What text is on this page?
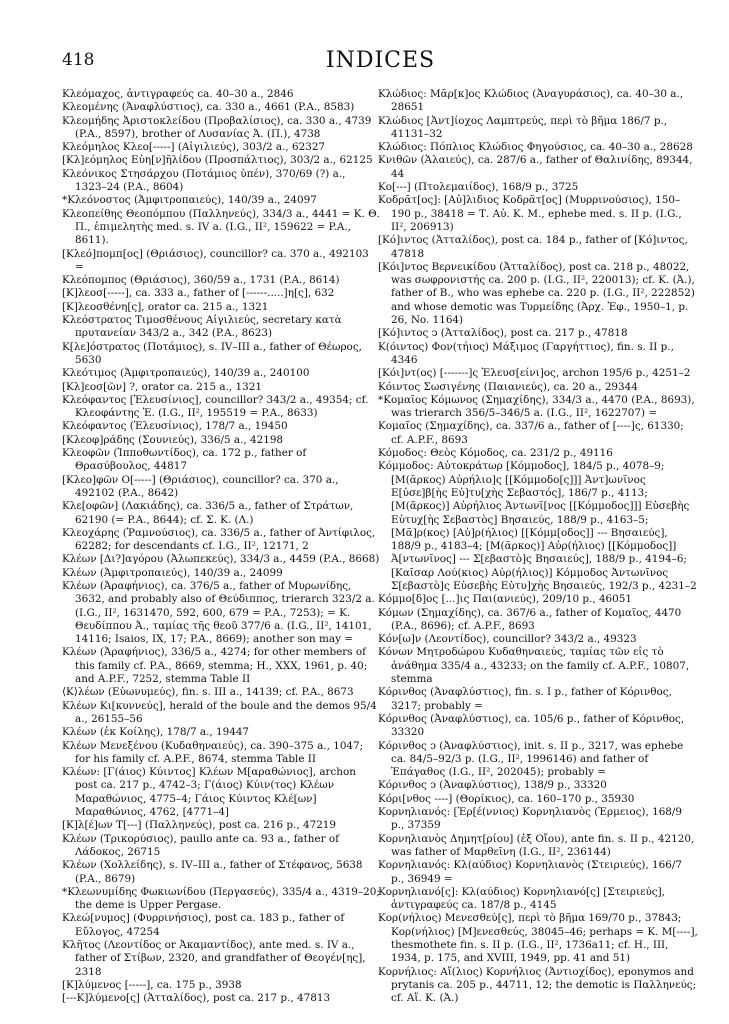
418	INDICES

Κλεόμαχος, ἀντιγραφεύς ca. 40–30 a., 2846

Κλεομένης (Ἀναφλύστιος), ca. 330 a., 4661 (P.A., 8583)

Κλεομήδης Ἀριστοκλείδου (Προβαλίσιος), ca. 330 a., 4739 (P.A., 8597), brother of Λυσανίας Ἀ. (Π.), 4738

Κλεόμηλος Κλεο[-----] (Αἰγιλιεύς), 303/2 a., 62327

[Κλ]εόμηλος Εὐη[ν]ῆλίδου (Προσπάλτιος), 303/2 a., 62125

Κλεόνικος Στησάρχου (Ποτάμιος ὑπέν), 370/69 (?) a., 1323–24 (P.A., 8604)

*Κλεόνοστος (Ἀμφιτροπαιεύς), 140/39 a., 24097

Κλεοπείθης Θεοπόμπου (Παλληνεύς), 334/3 a., 4441 = K. Θ. Π., ἐπιμελητὴς med. s. IV a. (I.G., II², 159622 = P.A., 8611).

[Κλεό]πομπ[ος] (Θριάσιος), councillor? ca. 370 a., 492103 =

Κλεόπομπος (Θριάσιος), 360/59 a., 1731 (P.A., 8614)

[Κ]λεοσ[-----], ca. 333 a., father of [------.....]η[ς], 632

[Κ]λεοσθένη[ς], orator ca. 215 a., 1321

Κλεόστρατος Τιμοσθένους Αἰγιλιεύς, secretary κατὰ πρυτανείαν 343/2 a., 342 (P.A., 8623)

Κ[λε]όστρατος (Ποτάμιος), s. IV–III a., father of Θέωρος, 5630

Κλεότιμος (Ἀμφιτροπαιεύς), 140/39 a., 240100

[Κλ]εοσ[ῶν] ?, orator ca. 215 a., 1321

Κλεόφαντος [Ἐλευσίνιος], councillor? 343/2 a., 49354; cf. Κλεοφάντης Ἐ. (I.G., II², 195519 = P.A., 8633)

Κλεόφαντος (Ἐλευσίνιος), 178/7 a., 19450

[Κλεοφ]ράδης (Σουνιεύς), 336/5 a., 42198

Κλεοφῶν (Ἱπποθωντίδος), ca. 172 p., father of Θρασύβουλος, 44817

[Κλεο]φῶν Ο[-----] (Θριάσιος), councillor? ca. 370 a., 492102 (P.A., 8642)

Κλε[οφῶν] (Λακιάδης), ca. 336/5 a., father of Στράτων, 62190 (= P.A., 8644); cf. Σ. Κ. (Λ.)

Κλεοχάρης (Ῥαμνούσιος), ca. 336/5 a., father of Ἀντίφιλος, 62282; for descendants cf. I.G., II², 12171, 2

Κλέων [Δι?]αγόρου (Ἀλωπεκεύς), 334/3 a., 4459 (P.A., 8668)

Κλέων (Ἀμφιτροπαιεύς), 140/39 a., 24099

Κλέων (Ἀραφήνιος), ca. 376/5 a., father of Μυρωνίδης, 3632, and probably also of Θεύδιππος, trierarch 323/2 a. (I.G., II², 1631470, 592, 600, 679 = P.A., 7253); = Κ. Θευδίππου Ἀ., ταμίας τῆς θεοῦ 377/6 a. (I.G., II², 14101, 14116; Isaios, IX, 17; P.A., 8669); another son may =

Κλέων (Ἀραφήνιος), 336/5 a., 4274; for other members of this family cf. P.A., 8669, stemma; H., XXX, 1961, p. 40; and A.P.F., 7252, stemma Table II

⟨Κ⟩λέων (Εὐωνυμεύς), fin. s. III a., 14139; cf. P.A., 8673

Κλέων Κι[κυννεύς], herald of the boule and the demos 95/4 a., 26155–56

Κλέων (ἐκ Κοίλης), 178/7 a., 19447

Κλέων Μενεξένου (Κυδαθηναιεύς), ca. 390–375 a., 1047; for his family cf. A.P.F., 8674, stemma Table II

Κλέων: [Γ(άιος) Κύιντος] Κλέων Μ[αραθώνιος], archon post ca. 217 p., 4742–3; Γ(άιος) Κύιν(τος) Κλέων Μαραθώνιος, 4775–4; Γάιος Κύιντος Κλέ[ων] Μαραθώνιος, 4762, [4771–4]

[Κ]λ[έ]ων Τ[---] (Παλληνεύς), post ca. 216 p., 47219

Κλέων (Τρικορύσιος), paullo ante ca. 93 a., father of Λάδοκος, 26715

Κλέων (Χολλείδης), s. IV–III a., father of Στέφανος, 5638 (P.A., 8679)

*Κλεωνυμίδης Φωκιωνίδου (Περγασεύς), 335/4 a., 4319–20; the deme is Upper Pergase.

Κλεώ[νυμος] (Φυρρινήσιος), post ca. 183 p., father of Εὔλογος, 47254

Κλῆτος (Λεοντίδος or Ἀκαμαντίδος), ante med. s. IV a., father of Στίβων, 2320, and grandfather of Θεογέν[ης], 2318

[Κ]λύμενος [-----], ca. 175 p., 3938

[---Κ]λύμενο[ς] (Ἀτταλίδος), post ca. 217 p., 47813

Κλώδιος: Μᾶρ[κ]ος Κλώδιος (Ἀναγυράσιος), ca. 40–30 a., 28651

Κλώδιος [Ἀντ]ίοχος Λαμπτρεύς, περὶ τὸ βῆμα 186/7 p., 41131–32

Κλώδιος: Πόπλιος Κλώδιος Φηγούσιος, ca. 40–30 a., 28628

Κνιθῶν (Ἁλαιεύς), ca. 287/6 a., father of Θαλινίδης, 89344, 44

Κο[---] (Πτολεμαιίδος), 168/9 p., 3725

Κοδρᾶτ[ος]: [Αὐ]λιδιος Κοδρᾶτ[ος] (Μυρρινούσιος), 150–190 p., 38418 = Τ. Αὐ. Κ. Μ., ephebe med. s. II p. (I.G., II², 206913)

[Κό]ιντος (Ἀτταλίδος), post ca. 184 p., father of [Κό]ιντος, 47818

[Κόι]ντος Βερνεικίδου (Ἀτταλίδος), post ca. 218 p., 48022, was σωφρονιστής ca. 200 p. (I.G., II², 220013); cf. Κ. (Ἀ.), father of Β., who was ephebe ca. 220 p. (I.G., II², 222852) and whose demotic was Τυρμείδης (Ἀρχ. Ἐφ., 1950–1, p. 26, No. 1164)

[Κό]ιντος ↄ (Ἀτταλίδος), post ca. 217 p., 47818

Κ(όιντος) Φον(τήιος) Μάξιμος (Γαργήττιος), fin. s. II p., 4346

[Κόι]ντ(ος) [-------]ς Ἐλευσ[είνι]ος, archon 195/6 p., 4251–2

Κόιντος Σωσιγένης (Παιανιεύς), ca. 20 a., 29344

*Κομαῖος Κόμωνος (Σημαχίδης), 334/3 a., 4470 (P.A., 8693), was trierarch 356/5–346/5 a. (I.G., II², 1622707) =

Κομαῖος (Σημαχίδης), ca. 337/6 a., father of [----]ς, 61330; cf. A.P.F., 8693

Κόμοδος: Θεὸς Κόμοδος, ca. 231/2 p., 49116

Κόμμοδος: Αὐτοκράτωρ [Κόμμοδος], 184/5 p., 4078–9; [Μ(ᾶρκος) Αὐρήλιο]ς [[Κόμμοδο[ς]]] Ἀντ]ωνῖνος Ε[ὐσε]β[ὴς Εὐ]τυ[χὴς Σεβαστός], 186/7 p., 4113; [Μ(ᾶρκος)] Αὐρήλιος Ἀντωνῖ[νος [[Κόμμοδος]]] Εὐσεβὴς Εὐτυχ[ὴς Σεβαστὸς] Βησαιεύς, 188/9 p., 4163–5; [Μᾶ]ρ(κος) [Αὐ]ρ(ήλιος) [[Κόμμ[οδος]] --- Βησαιεύς], 188/9 p., 4183–4; [Μ(ᾶρκος)] Αὐρ(ήλιος) [[Κόμμοδος]] Ἀ[ντωνῖνος] --- Σ[εβαστὸ]ς Βησαιεύς], 188/9 p., 4194–6; [Καῖσαρ Λού(κιος) Αὐρ(ήλιος)] Κόμμοδος Ἀντωνῖνος Σ[εβαστὸ]ς Εὐσεβὴς Εὐτυ]χὴς Βησαιεύς, 192/3 p., 4231–2

Κόμμο[δ]ος [...]ις Παι(ανιεύς), 209/10 p., 46051

Κόμων (Σημαχίδης), ca. 367/6 a., father of Κομαῖος, 4470 (P.A., 8696); cf. A.P.F., 8693

Κόν[ω]ν (Λεοντίδος), councillor? 343/2 a., 49323

Κόνων Μητροδώρου Κυδαθηναιεύς, ταμίας τῶν εἰς τὸ ἀνάθημα 335/4 a., 43233; on the family cf. A.P.F., 10807, stemma

Κόρινθος (Ἀναφλύστιος), fin. s. I p., father of Κόρινθος, 3217; probably =

Κόρινθος (Ἀναφλύστιος), ca. 105/6 p., father of Κόρινθος, 33320

Κόρινθος ↄ (Ἀναφλύστιος), init. s. II p., 3217, was ephebe ca. 84/5–92/3 p. (I.G., II², 1996146) and father of Ἐπάγαθος (I.G., II², 202045); probably =

Κόρινθος ↄ (Ἀναφλύστιος), 138/9 p., 33320

Κόρι[νθος ----] (Θορίκιος), ca. 160–170 p., 35930

Κορνηλιανός: [Ἐρ[έ(ννιος) Κορνηλιανὸς (Ἑρμειος), 168/9 p., 37359

Κορνηλιανὸς Δημητ[ρίου] (ἐξ Οἴου), ante fin. s. II p., 42120, was father of Μαρθεῖνη (I.G., II², 236144)

Κορνηλιανός: Κλ(αύδιος) Κορνηλιανὸς (Στειριεύς), 166/7 p., 36949 =

Κορνηλιανό[ς]: Κλ(αύδιος) Κορνηλιανό[ς] [Στειριεύς], ἀντιγραφεύς ca. 187/8 p., 4145

Κορ(νήλιος) Μενεσθεύ[ς], περὶ τὸ βῆμα 169/70 p., 37843; Κορ(νήλιος) [Μ]ενεσθεύς, 38045–46; perhaps = Κ. Μ[----], thesmothete fin. s. II p. (I.G., II², 1736a11; cf. H., III, 1934, p. 175, and XVIII, 1949, pp. 41 and 51)

Κορνήλιος: Αἴ(λιος) Κορνήλιος (Ἀντιοχίδος), eponymos and prytanis ca. 205 p., 44711, 12; the demotic is Παλληνεύς; cf. Αἴ. Κ. (Ἀ.)
